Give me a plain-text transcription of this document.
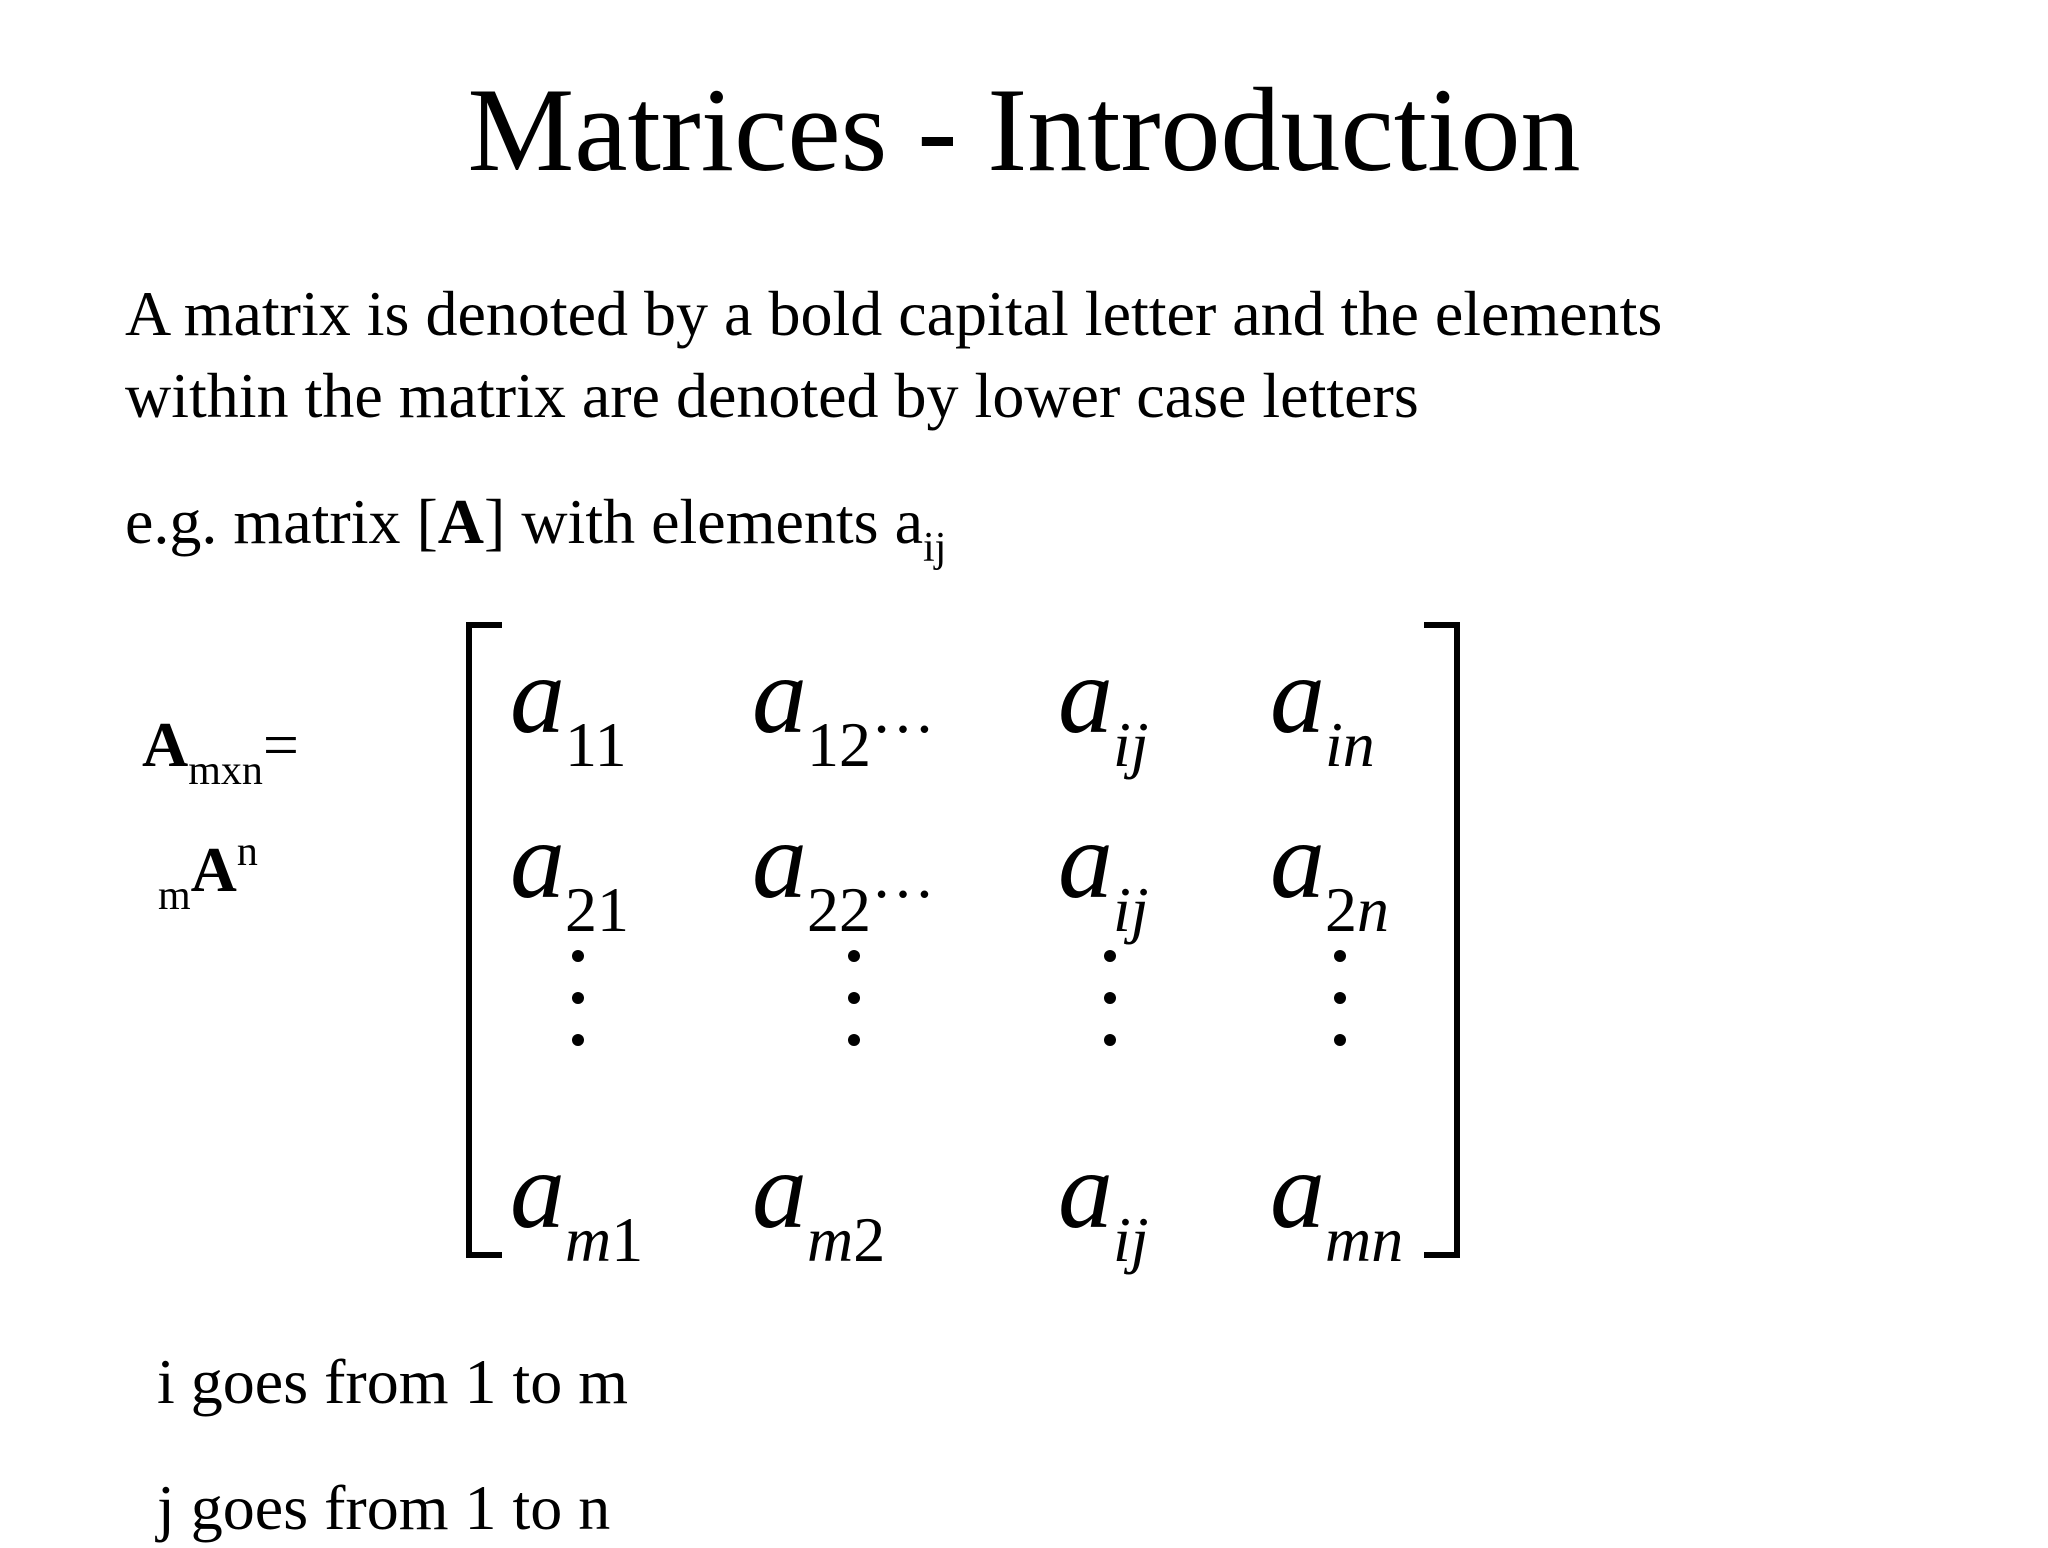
Matrices - Introduction
A matrix is denoted by a bold capital letter and the elements
within the matrix are denoted by lower case letters
e.g. matrix [A] with elements $a_{ij}$
$A_{mxn}=$
$_mA^n$
$a_{11}$ $a_{12}\dots$ $a_{ij}$ $a_{in}$
$a_{21}$ $a_{22}\dots$ $a_{ij}$ $a_{2n}$
$a_{m1}$ $a_{m2}$ $a_{ij}$ $a_{mn}$
i goes from 1 to m
j goes from 1 to n
